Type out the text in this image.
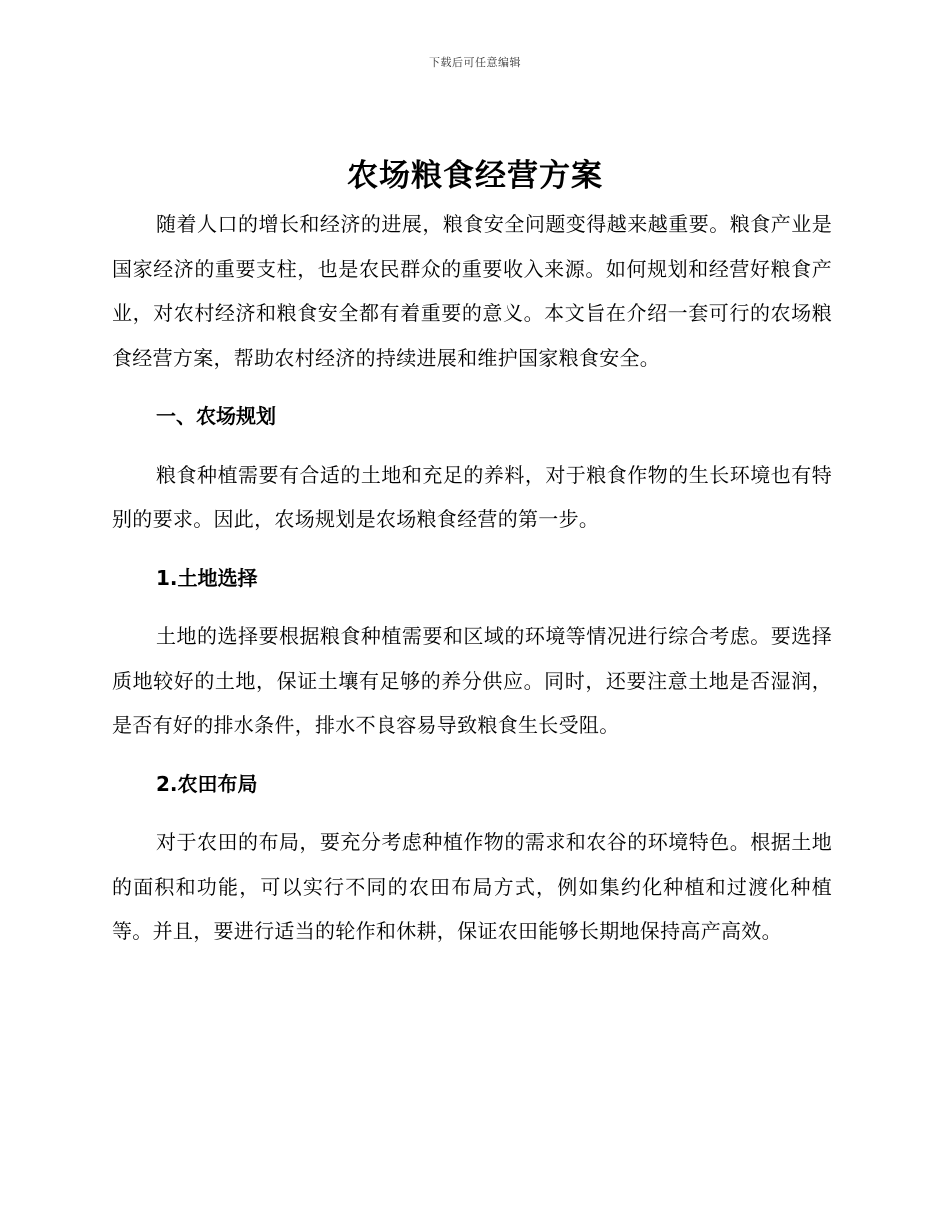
下载后可任意编辑
农场粮食经营方案

随着人口的增长和经济的进展，粮食安全问题变得越来越重要。粮食产业是国家经济的重要支柱，也是农民群众的重要收入来源。如何规划和经营好粮食产业，对农村经济和粮食安全都有着重要的意义。本文旨在介绍一套可行的农场粮食经营方案，帮助农村经济的持续进展和维护国家粮食安全。

一、农场规划

粮食种植需要有合适的土地和充足的养料，对于粮食作物的生长环境也有特别的要求。因此，农场规划是农场粮食经营的第一步。

1.土地选择

土地的选择要根据粮食种植需要和区域的环境等情况进行综合考虑。要选择质地较好的土地，保证土壤有足够的养分供应。同时，还要注意土地是否湿润，是否有好的排水条件，排水不良容易导致粮食生长受阻。

2.农田布局

对于农田的布局，要充分考虑种植作物的需求和农谷的环境特色。根据土地的面积和功能，可以实行不同的农田布局方式，例如集约化种植和过渡化种植等。并且，要进行适当的轮作和休耕，保证农田能够长期地保持高产高效。
